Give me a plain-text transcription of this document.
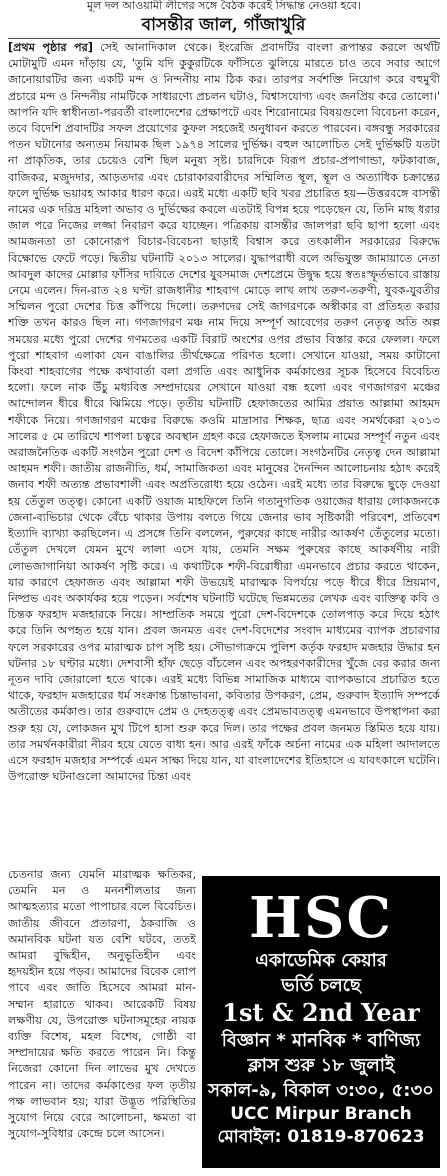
মূল দল আওয়ামী লীগের সঙ্গে বৈঠক করেই সিদ্ধান্ত নেওয়া হবে।
বাসন্তীর জাল, গাঁজাখুরি

[প্রথম পৃষ্ঠার পর] সেই আনাদিকাল থেকে। ইংরেজি প্রবাদটির বাংলা রূপান্তর করলে অর্থটি মোটামুটি এমন দাঁড়ায় যে, 'তুমি যদি কুকুরটিকে ফাঁসিতে ঝুলিয়ে মারতে চাও তবে সবার আগে জানোয়ারটির জন্য একটি মন্দ ও নিন্দনীয় নাম ঠিক কর। তারপর সর্বশক্তি নিয়োগ করে বহুমুখী প্রচারে মন্দ ও নিন্দনীয় নামটিকে সাধারণ্যে প্রচলন ঘটাও, বিশ্বাসযোগ্য এবং জনপ্রিয় করে তোলো।' আপনি যদি স্বাধীনতা-পরবর্তী বাংলাদেশের প্রেক্ষাপটে এবং শিরোনামের বিষয়গুলো বিবেচনা করেন, তবে বিদেশি প্রবাদটির সফল প্রয়োগের কুফল সহজেই অনুধাবন করতে পারবেন। বঙ্গবন্ধু সরকারের পতন ঘটানোর অন্যতম নিয়ামক ছিল ১৯৭৪ সালের দুর্ভিক্ষ। বহুল আলোচিত সেই দুর্ভিক্ষটি যতটা না প্রাকৃতিক, তার চেয়েও বেশি ছিল মনুষ্য সৃষ্ট। চারদিকে বিরূপ প্রচার-প্রপাগান্ডা, ফটকাবাজ, বাজিকর, মজুদদার, আড়তদার এবং চোরাকারবারীদের সম্মিলিত স্থূল, স্থূল ও অত্যাধিক চক্রান্তের ফলে দুর্ভিক্ষ ভয়াবহ আকার ধারণ করে। এরই মধ্যে একটি ছবি খবর প্রচারিত হয়—উত্তরবঙ্গে বাসন্তী নামের এক দরিদ্র মহিলা অভাব ও দুর্ভিক্ষের কবলে এতটাই বিপন্ন হয়ে পড়েছেন যে, তিনি মাছ ধরার জাল পরে নিজের লজ্জা নিবারণ করে যাচ্ছেন। পত্রিকায় বাসন্তীর জালপরা ছবি ছাপা হলো এবং আমজনতা তা কোনোরূপ বিচার-বিবেচনা ছাড়াই বিশ্বাস করে তৎকালীন সরকারের বিরুদ্ধে বিক্ষোভে ফেটে পড়ে। দ্বিতীয় ঘটনাটি ২০১৩ সালের। যুদ্ধাপরাধী বলে অভিযুক্ত জামায়াতে নেতা আবদুল কাদের মোল্লার ফাঁসির দাবিতে দেশের যুবসমাজ দেশপ্রেমে উদ্বুদ্ধ হয়ে স্বতঃস্ফূর্তভাবে রাস্তায় নেমে এলেন। দিন-রাত ২৪ ঘণ্টা রাজধানীর শাহবাগ মোড়ে লাখ লাখ তরুণ-তরুণী, যুবক-যুবতীর সম্মিলন পুরো দেশের চিত্ত কাঁপিয়ে দিলো। তরুণদের সেই জাগরণকে অস্বীকার বা প্রতিহত করার শক্তি তখন কারও ছিল না। গণজাগরণ মঞ্চ নাম দিয়ে সম্পূর্ণ আবেগের তরুণ নেতৃত্ব অতি অল্প সময়ের মধ্যে পুরো দেশের গণমতের একটি বিরাট অংশের ওপর প্রভাব বিস্তার করে ফেলল। ফলে পুরো শাহবাগ এলাকা যেন বাঙালির তীর্থক্ষেত্রে পরিণত হলো। সেখানে যাওয়া, সময় কাটানো কিংবা শাহবাগের পক্ষে কথাবার্তা বলা প্রগতি এবং আধুনিক কর্মকাণ্ডের সূচক হিসেবে বিবেচিত হলো। ফলে নাক উঁচু মধ্যবিত্ত সম্প্রদায়ের সেখানে যাওয়া বন্ধ হলো এবং গণজাগরণ মঞ্চের আন্দোলন ধীরে ধীরে ঝিমিয়ে পড়ে। তৃতীয় ঘটনাটি হেফাজতের আমির প্রয়াত আল্লামা আহমদ শফীকে নিয়ে। গণজাগরণ মঞ্চের বিরুদ্ধে কওমি মাদ্রাসার শিক্ষক, ছাত্র এবং সমর্থকেরা ২০১৩ সালের ৫ মে তারিখে শাপলা চত্বরে অবস্থান গ্রহণ করে হেফাজতে ইসলাম নামের সম্পূর্ণ নতুন এবং অরাজনৈতিক একটি সংগঠন পুরো দেশ ও বিদেশ কাঁপিয়ে তোলে। সংগঠনটির নেতৃত্ব দেন আল্লামা আহমদ শফী। জাতীয় রাজনীতি, ধর্ম, সামাজিকতা এবং মানুষের দৈনন্দিন আলোচনায় হঠাৎ করেই জনাব শফী অত্যন্ত প্রভাবশালী এবং অপ্রতিরোধ্য হয়ে ওঠেন। এরই মধ্যে তার বিরুদ্ধে ছুড়ে দেওয়া হয় তেঁতুল তত্ত্ব। কোনো একটি ওয়াজ মাহফিলে তিনি গতানুগতিক ওয়াজের ধারায় লোকজনকে জেনা-ব্যভিচার থেকে বেঁচে থাকার উপায় বলতে গিয়ে জেনার ভাব সৃষ্টিকারী পরিবেশ, প্রতিবেশ ইত্যাদি ব্যাখ্যা করছিলেন। এ প্রসঙ্গে তিনি বললেন, পুরুষের কাছে নারীর আকর্ষণ তেঁতুলের মতো। তেঁতুল দেখলে যেমন মুখে লালা এসে যায়, তেমনি সক্ষম পুরুষের কাছে আকর্ষণীয় নারী লোভজাগানিয়া আকর্ষণ সৃষ্টি করে। এ কথাটিকে শফী-বিরোধীরা এমনভাবে প্রচার করতে থাকেন, যার কারণে হেফাজত এবং আল্লামা শফী উভয়েই মারাত্মক বিপর্যয়ে পড়ে ধীরে ধীরে ম্রিয়মাণ, নিষ্প্রভ এবং অকার্যকর হয়ে পড়েন। সর্বশেষ ঘটনাটি ঘটেছে ভিন্নমতের লেখক এবং ব্যক্তিত্ব কবি ও চিন্তক ফরহাদ মজহারকে নিয়ে। সাম্প্রতিক সময়ে পুরো দেশ-বিদেশকে তোলপাড় করে দিয়ে হঠাৎ করে তিনি অপহৃত হয়ে যান। প্রবল জনমত এবং দেশ-বিদেশের সংবাদ মাধ্যমের ব্যাপক প্রচারণার ফলে সরকারের ওপর মারাত্মক চাপ সৃষ্টি হয়। সৌভাগ্যক্রমে পুলিশ কর্তৃক ফরহাদ মজহার উদ্ধার হন ঘটনার ১৮ ঘণ্টার মধ্যে। দেশবাসী হাঁফ ছেড়ে বাঁচলেন এবং অপহরণকারীদের খুঁজে বের করার জন্য নূতন দাবি জোরালো হতে থাকে। এরই মধ্যে বিভিন্ন সামাজিক মাধ্যমে ব্যাপকভাবে প্রচারিত হতে থাকে, ফরহাদ মজহারের ধর্ম সংক্রান্ত চিন্তাভাবনা, কবিতার উপকরণ, প্রেম, গুরুবাদ ইত্যাদি সম্পর্কে অতীতের কর্মকাণ্ড। তার গুরুবাদে প্রেম ও দেহতত্ত্ব এবং প্রেমভাবতত্ত্ব এমনভাবে উপস্থাপনা করা শুরু হয় যে, লোকজন মুখ টিপে হাসা শুরু করে দিল। তার পক্ষের প্রবল জনমত স্তিমিত হয়ে যায়। তার সমর্থনকারীরা নীরব হয়ে যেতে বাধ্য হন। আর এরই ফাঁকে অর্চনা নামের এক মহিলা আদালতে এসে ফরহাদ মজহার সম্পর্কে এমন সাক্ষ্য দিয়ে যান, যা বাংলাদেশের ইতিহাসে এ যাবৎকালে ঘটেনি। উপরোক্ত ঘটনাগুলো আমাদের চিন্তা এবং

চেতনার জন্য যেমনি মারাত্মক ক্ষতিকর, তেমনি মন ও মননশীলতার জন্য আত্মহত্যার মতো পাপাচার বলে বিবেচিত। জাতীয় জীবনে প্রতারণা, ঠকবাজি ও অমানবিক ঘটনা যত বেশি ঘটবে, ততই আমরা বুদ্ধিহীন, অনুভূতিহীন এবং হৃদয়হীন হয়ে পড়ব। আমাদের বিবেক লোপ পাবে এবং জাতি হিসেবে আমরা মান-সম্মান হারাতে থাকব। আরেকটি বিষয় লক্ষণীয় যে, উপরোক্ত ঘটনাসমূহের নায়ক ব্যক্তি বিশেষ, মহল বিশেষ, গোষ্ঠী বা সম্প্রদায়ের ক্ষতি করতে পারেন নি। কিন্তু নিজেরা কোনো দিন লাভের মুখ দেখতে পারেন না। তাদের কর্মকাণ্ডের ফল তৃতীয় পক্ষ লাভবান হয়; যারা উদ্ভূত পরিস্থিতির সুযোগ নিয়ে বেরে আলোচনা, ক্ষমতা বা সুযোগ-সুবিধার কেন্দ্রে চলে আসেন।

HSC
একাডেমিক কেয়ার
ভর্তি চলছে
1st & 2nd Year
বিজ্ঞান * মানবিক * বাণিজ্য
ক্লাস শুরু ১৮ জুলাই
সকাল-৯, বিকাল ৩:৩০, ৫:৩০
UCC Mirpur Branch
মোবাইল: 01819-870623
